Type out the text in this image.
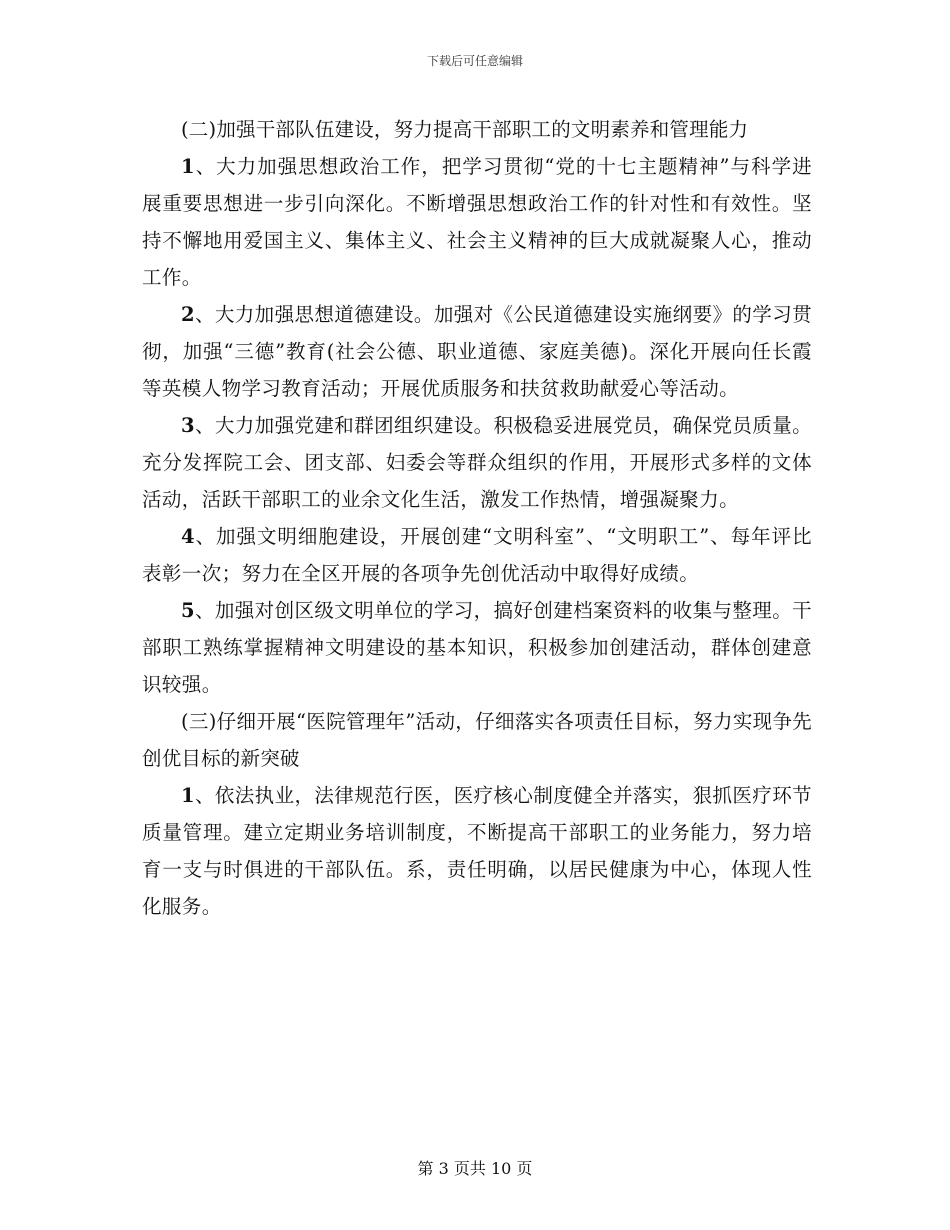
下载后可任意编辑

(二)加强干部队伍建设，努力提高干部职工的文明素养和管理能力

1、大力加强思想政治工作，把学习贯彻“党的十七主题精神”与科学进展重要思想进一步引向深化。不断增强思想政治工作的针对性和有效性。坚持不懈地用爱国主义、集体主义、社会主义精神的巨大成就凝聚人心，推动工作。

2、大力加强思想道德建设。加强对《公民道德建设实施纲要》的学习贯彻，加强“三德”教育(社会公德、职业道德、家庭美德)。深化开展向任长霞等英模人物学习教育活动；开展优质服务和扶贫救助献爱心等活动。

3、大力加强党建和群团组织建设。积极稳妥进展党员，确保党员质量。充分发挥院工会、团支部、妇委会等群众组织的作用，开展形式多样的文体活动，活跃干部职工的业余文化生活，激发工作热情，增强凝聚力。

4、加强文明细胞建设，开展创建“文明科室”、“文明职工”、每年评比表彰一次；努力在全区开展的各项争先创优活动中取得好成绩。

5、加强对创区级文明单位的学习，搞好创建档案资料的收集与整理。干部职工熟练掌握精神文明建设的基本知识，积极参加创建活动，群体创建意识较强。

(三)仔细开展“医院管理年”活动，仔细落实各项责任目标，努力实现争先创优目标的新突破

1、依法执业，法律规范行医，医疗核心制度健全并落实，狠抓医疗环节质量管理。建立定期业务培训制度，不断提高干部职工的业务能力，努力培育一支与时俱进的干部队伍。系，责任明确，以居民健康为中心，体现人性化服务。

第 3 页共 10 页
